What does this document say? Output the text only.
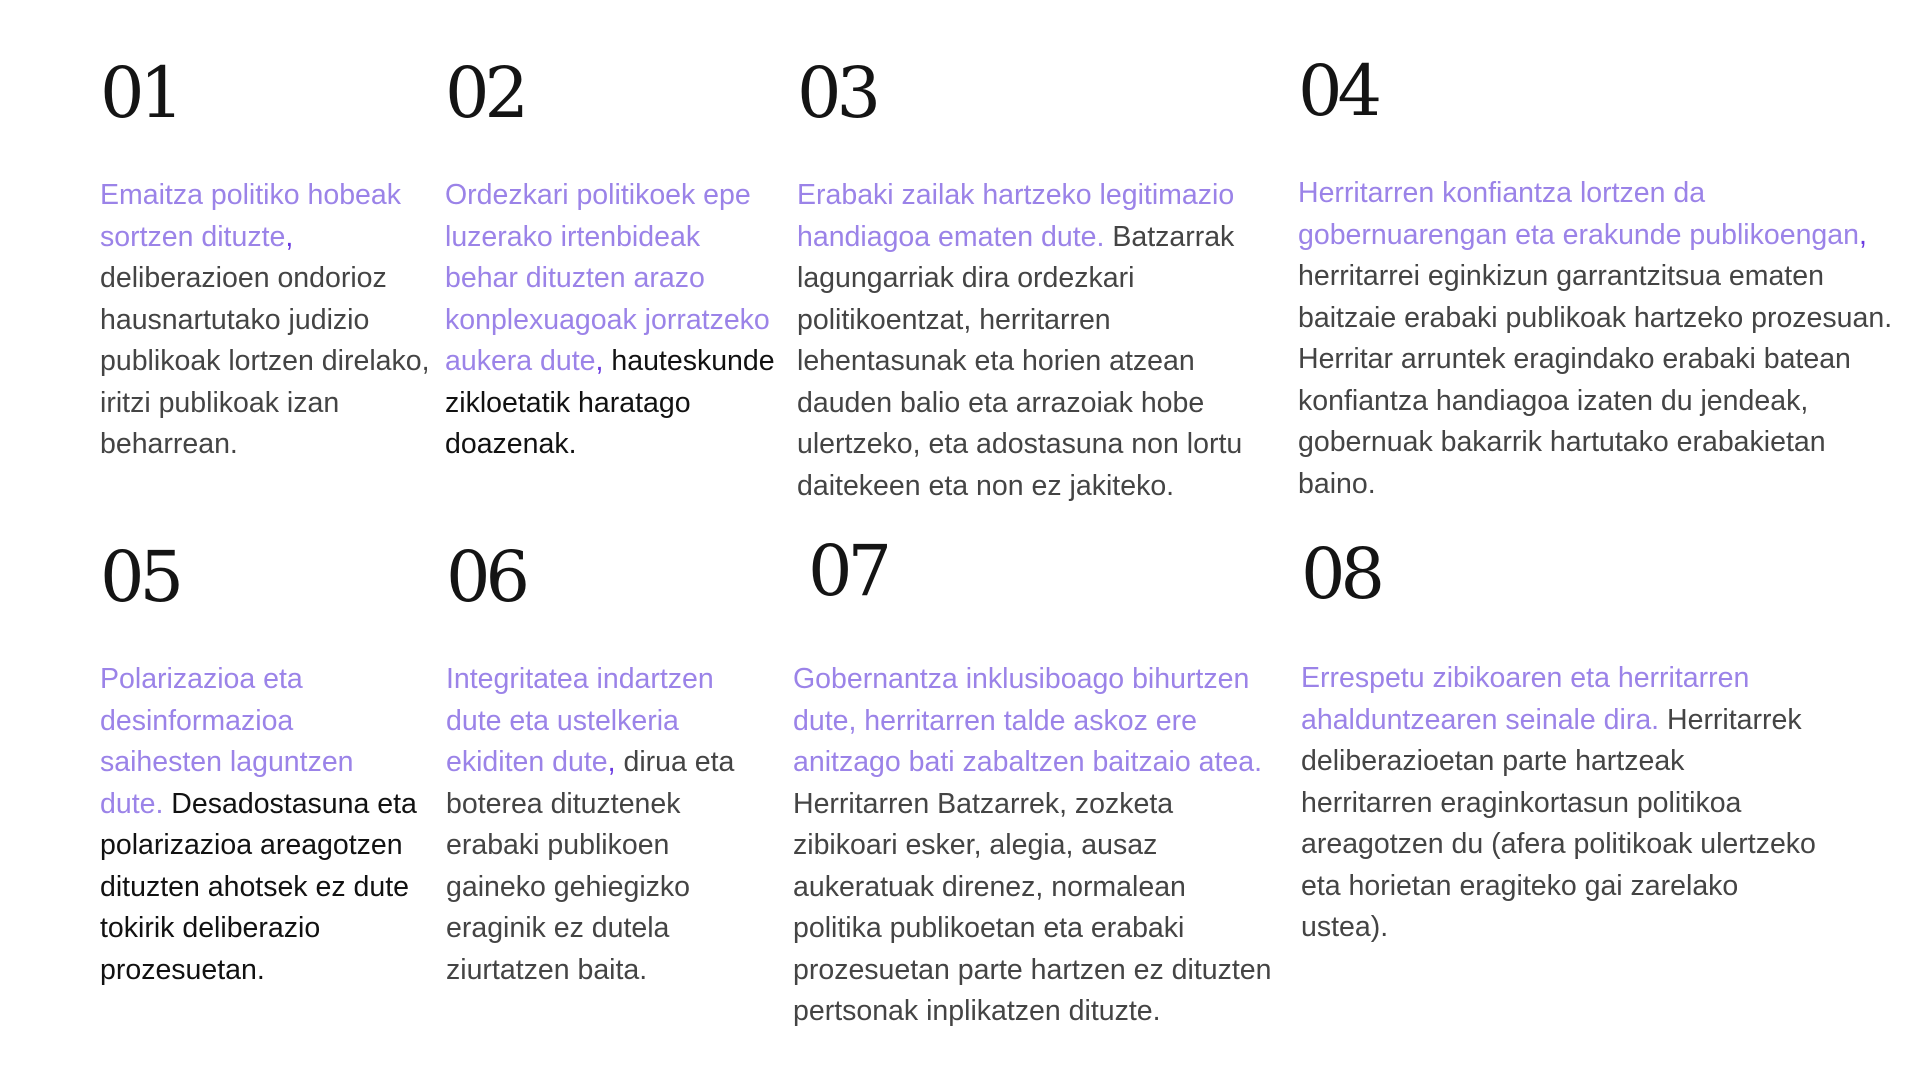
01

Emaitza politiko hobeak sortzen dituzte, deliberazioen ondorioz hausnartutako judizio publikoak lortzen direlako, iritzi publikoak izan beharrean.

02

Ordezkari politikoek epe luzerako irtenbideak behar dituzten arazo konplexuagoak jorratzeko aukera dute, hauteskunde zikloetatik haratago doazenak.

03

Erabaki zailak hartzeko legitimazio handiagoa ematen dute. Batzarrak lagungarriak dira ordezkari politikoentzat, herritarren lehentasunak eta horien atzean dauden balio eta arrazoiak hobe ulertzeko, eta adostasuna non lortu daitekeen eta non ez jakiteko.

04

Herritarren konfiantza lortzen da gobernuarengan eta erakunde publikoengan, herritarrei eginkizun garrantzitsua ematen baitzaie erabaki publikoak hartzeko prozesuan. Herritar arruntek eragindako erabaki batean konfiantza handiagoa izaten du jendeak, gobernuak bakarrik hartutako erabakietan baino.

05

Polarizazioa eta desinformazioa saihesten laguntzen dute. Desadostasuna eta polarizazioa areagotzen dituzten ahotsek ez dute tokirik deliberazio prozesuetan.

06

Integritatea indartzen dute eta ustelkeria ekiditen dute, dirua eta boterea dituztenek erabaki publikoen gaineko gehiegizko eraginik ez dutela ziurtatzen baita.

07

Gobernantza inklusiboago bihurtzen dute, herritarren talde askoz ere anitzago bati zabaltzen baitzaio atea. Herritarren Batzarrek, zozketa zibikoari esker, alegia, ausaz aukeratuak direnez, normalean politika publikoetan eta erabaki prozesuetan parte hartzen ez dituzten pertsonak inplikatzen dituzte.

08

Errespetu zibikoaren eta herritarren ahalduntzearen seinale dira. Herritarrek deliberazioetan parte hartzeak herritarren eraginkortasun politikoa areagotzen du (afera politikoak ulertzeko eta horietan eragiteko gai zarelako ustea).
